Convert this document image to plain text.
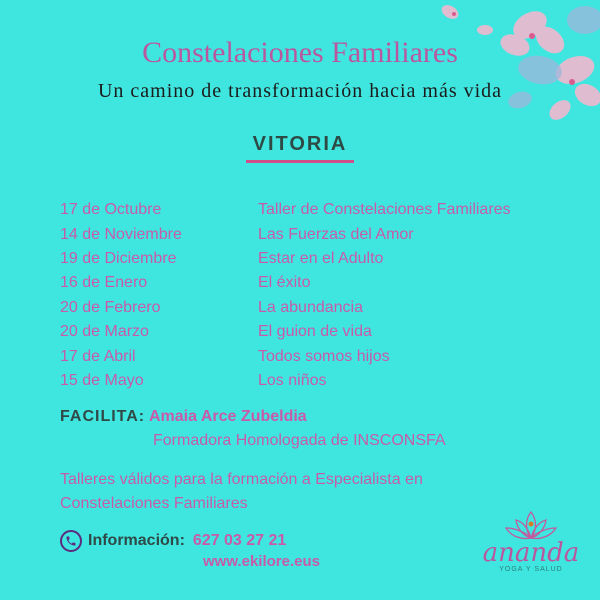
Constelaciones Familiares
Un camino de transformación hacia más vida
VITORIA
17 de Octubre	Taller de Constelaciones Familiares
14 de Noviembre	Las Fuerzas del Amor
19 de Diciembre	Estar en el Adulto
16 de Enero	El éxito
20 de Febrero	La abundancia
20 de Marzo	El guion de vida
17 de Abril	Todos somos hijos
15 de Mayo	Los niños
FACILITA: Amaia Arce Zubeldia
Formadora Homologada de INSCONSFA
Talleres válidos para la formación a Especialista en Constelaciones Familiares
Información: 627 03 27 21
www.ekilore.eus	ananda
YOGA Y SALUD
